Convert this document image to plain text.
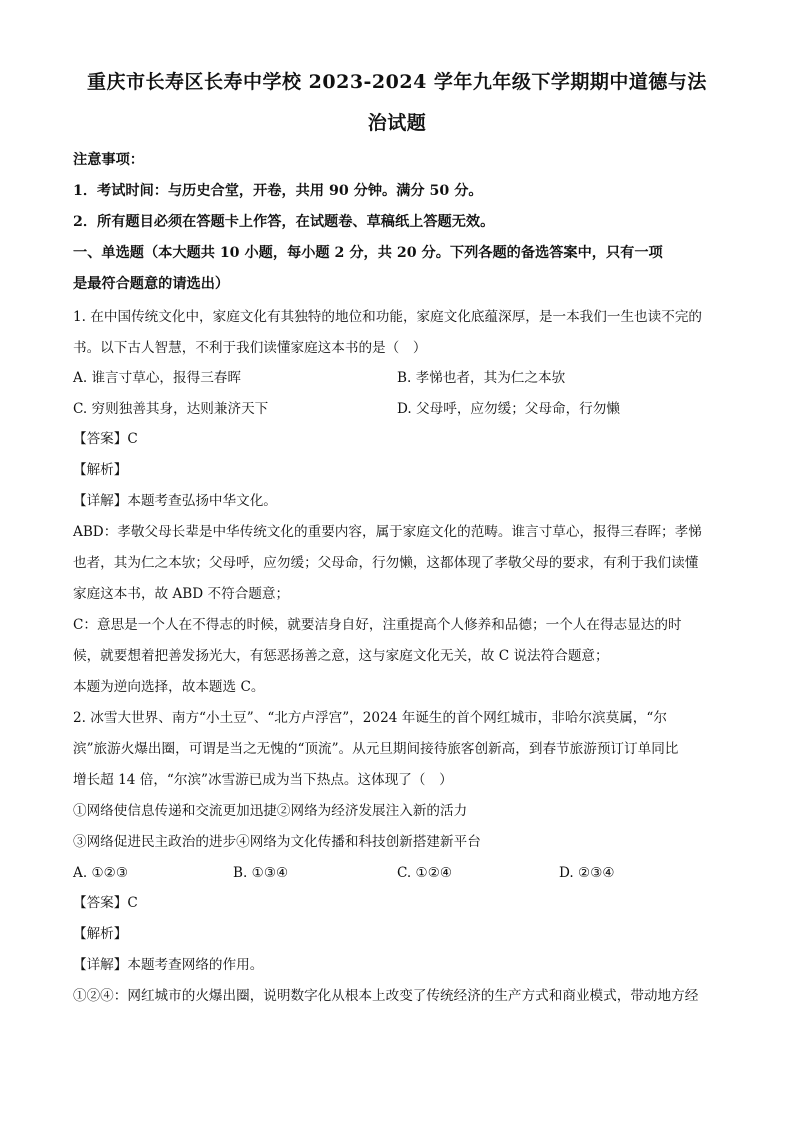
重庆市长寿区长寿中学校 2023-2024 学年九年级下学期期中道德与法
治试题
注意事项：
1．考试时间：与历史合堂，开卷，共用 90 分钟。满分 50 分。
2．所有题目必须在答题卡上作答，在试题卷、草稿纸上答题无效。
一、单选题（本大题共 10 小题，每小题 2 分，共 20 分。下列各题的备选答案中，只有一项
是最符合题意的请选出）
1. 在中国传统文化中，家庭文化有其独特的地位和功能，家庭文化底蕴深厚，是一本我们一生也读不完的
书。以下古人智慧，不利于我们读懂家庭这本书的是（　）
A. 谁言寸草心，报得三春晖	B. 孝悌也者，其为仁之本欤
C. 穷则独善其身，达则兼济天下	D. 父母呼，应勿缓；父母命，行勿懒
【答案】C
【解析】
【详解】本题考查弘扬中华文化。
ABD：孝敬父母长辈是中华传统文化的重要内容，属于家庭文化的范畴。谁言寸草心，报得三春晖；孝悌
也者，其为仁之本欤；父母呼，应勿缓；父母命，行勿懒，这都体现了孝敬父母的要求，有利于我们读懂
家庭这本书，故 ABD 不符合题意；
C：意思是一个人在不得志的时候，就要洁身自好，注重提高个人修养和品德；一个人在得志显达的时
候，就要想着把善发扬光大，有惩恶扬善之意，这与家庭文化无关，故 C 说法符合题意；
本题为逆向选择，故本题选 C。
2. 冰雪大世界、南方“小土豆”、“北方卢浮宫”，2024 年诞生的首个网红城市，非哈尔滨莫属，“尔
滨”旅游火爆出圈，可谓是当之无愧的“顶流”。从元旦期间接待旅客创新高，到春节旅游预订订单同比
增长超 14 倍，“尔滨”冰雪游已成为当下热点。这体现了（　）
①网络使信息传递和交流更加迅捷②网络为经济发展注入新的活力
③网络促进民主政治的进步④网络为文化传播和科技创新搭建新平台
A. ①②③	B. ①③④	C. ①②④	D. ②③④
【答案】C
【解析】
【详解】本题考查网络的作用。
①②④：网红城市的火爆出圈，说明数字化从根本上改变了传统经济的生产方式和商业模式，带动地方经
